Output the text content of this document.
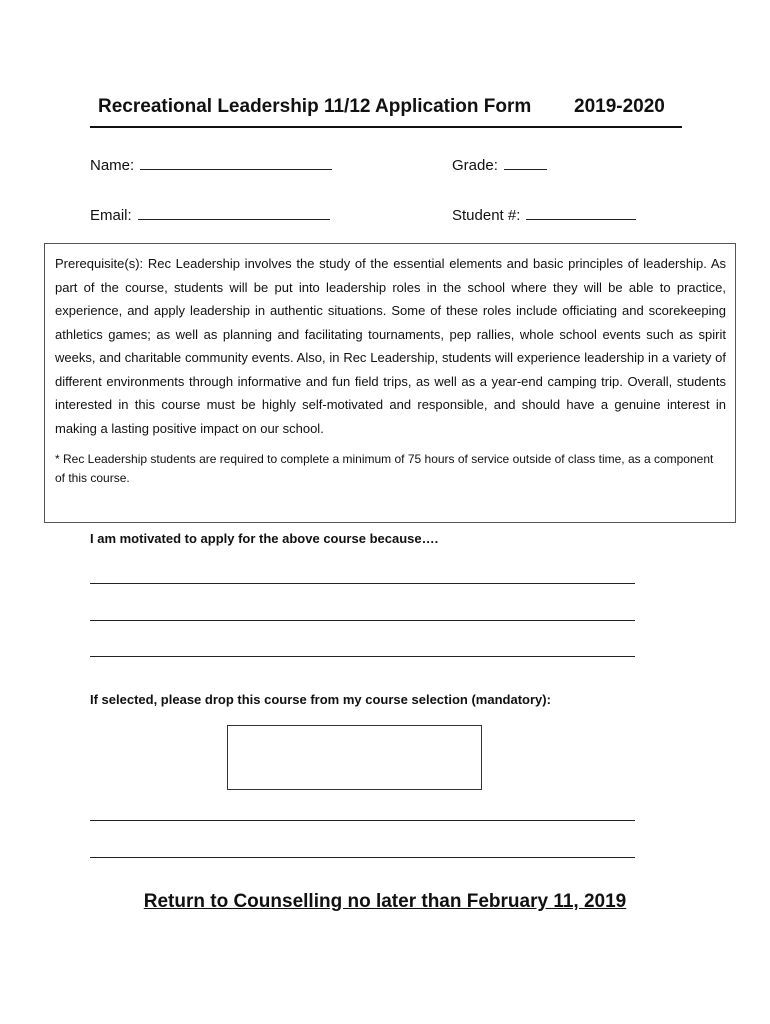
Recreational Leadership 11/12 Application Form 2019-2020
Name:	Grade:
Email:	Student #:

Prerequisite(s): Rec Leadership involves the study of the essential elements and basic principles of leadership. As part of the course, students will be put into leadership roles in the school where they will be able to practice, experience, and apply leadership in authentic situations. Some of these roles include officiating and scorekeeping athletics games; as well as planning and facilitating tournaments, pep rallies, whole school events such as spirit weeks, and charitable community events. Also, in Rec Leadership, students will experience leadership in a variety of different environments through informative and fun field trips, as well as a year-end camping trip. Overall, students interested in this course must be highly self-motivated and responsible, and should have a genuine interest in making a lasting positive impact on our school.

* Rec Leadership students are required to complete a minimum of 75 hours of service outside of class time, as a component of this course.

I am motivated to apply for the above course because….
If selected, please drop this course from my course selection (mandatory):
Return to Counselling no later than February 11, 2019
